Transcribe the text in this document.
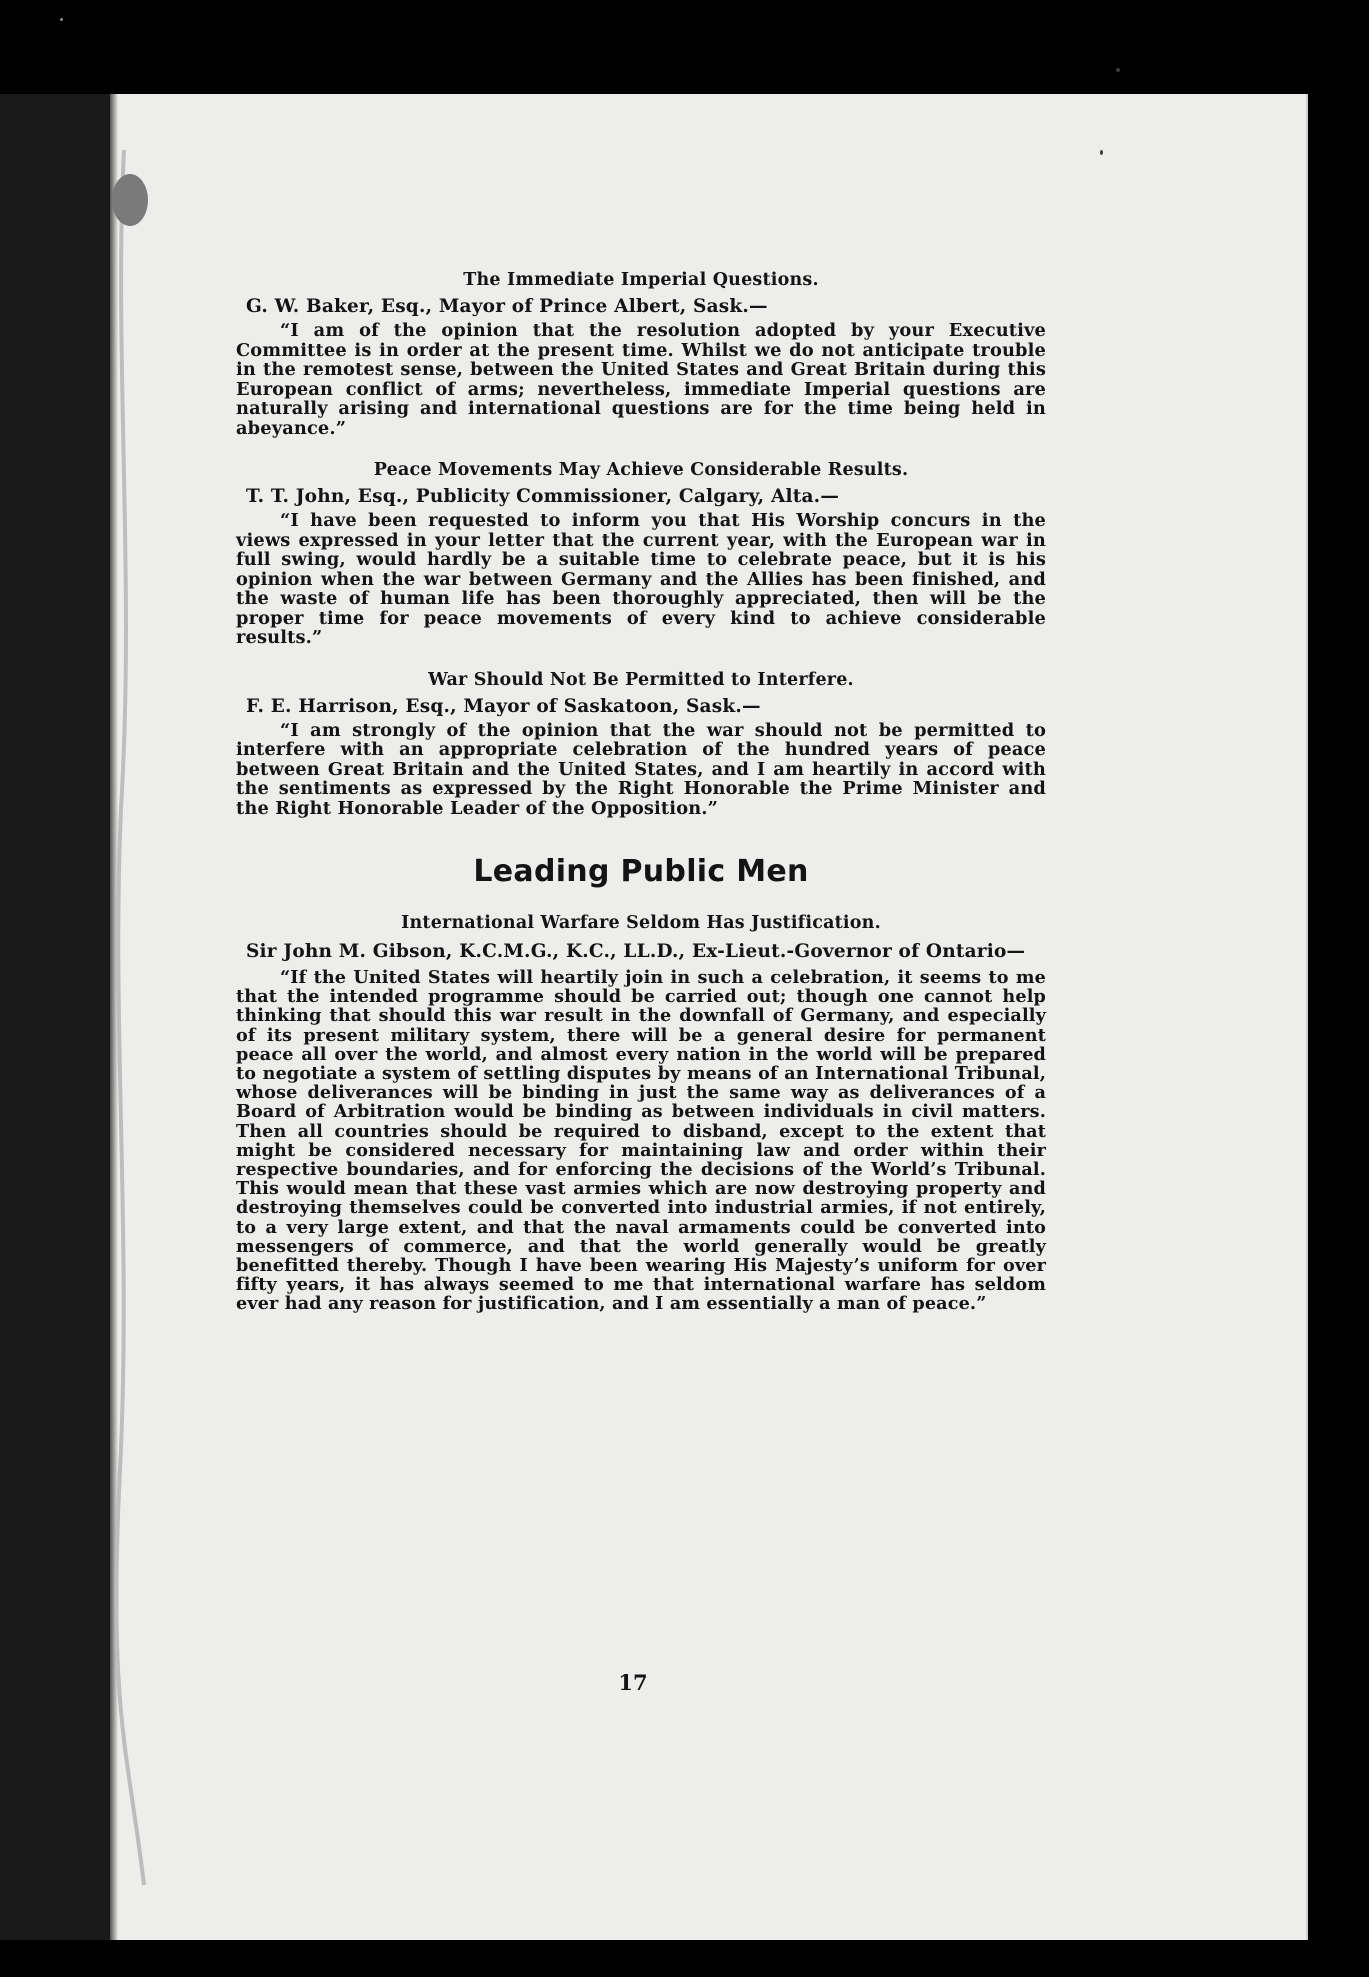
The Immediate Imperial Questions.
G. W. Baker, Esq., Mayor of Prince Albert, Sask.—

“I am of the opinion that the resolution adopted by your Executive Committee is in order at the present time. Whilst we do not anticipate trouble in the remotest sense, between the United States and Great Britain during this European conflict of arms; nevertheless, immediate Imperial questions are naturally arising and international questions are for the time being held in abeyance.”

Peace Movements May Achieve Considerable Results.
T. T. John, Esq., Publicity Commissioner, Calgary, Alta.—

“I have been requested to inform you that His Worship concurs in the views expressed in your letter that the current year, with the European war in full swing, would hardly be a suitable time to celebrate peace, but it is his opinion when the war between Germany and the Allies has been finished, and the waste of human life has been thoroughly appreciated, then will be the proper time for peace movements of every kind to achieve considerable results.”

War Should Not Be Permitted to Interfere.
F. E. Harrison, Esq., Mayor of Saskatoon, Sask.—

“I am strongly of the opinion that the war should not be permitted to interfere with an appropriate celebration of the hundred years of peace between Great Britain and the United States, and I am heartily in accord with the sentiments as expressed by the Right Honorable the Prime Minister and the Right Honorable Leader of the Opposition.”

Leading Public Men
International Warfare Seldom Has Justification.
Sir John M. Gibson, K.C.M.G., K.C., LL.D., Ex-Lieut.-Governor of Ontario—

“If the United States will heartily join in such a celebration, it seems to me that the intended programme should be carried out; though one cannot help thinking that should this war result in the downfall of Germany, and especially of its present military system, there will be a general desire for permanent peace all over the world, and almost every nation in the world will be prepared to negotiate a system of settling disputes by means of an International Tribunal, whose deliverances will be binding in just the same way as deliverances of a Board of Arbitration would be binding as between individuals in civil matters. Then all countries should be required to disband, except to the extent that might be considered necessary for maintaining law and order within their respective boundaries, and for enforcing the decisions of the World’s Tribunal. This would mean that these vast armies which are now destroying property and destroying themselves could be converted into industrial armies, if not entirely, to a very large extent, and that the naval armaments could be converted into messengers of commerce, and that the world generally would be greatly benefitted thereby. Though I have been wearing His Majesty’s uniform for over fifty years, it has always seemed to me that international warfare has seldom ever had any reason for justification, and I am essentially a man of peace.”

17
